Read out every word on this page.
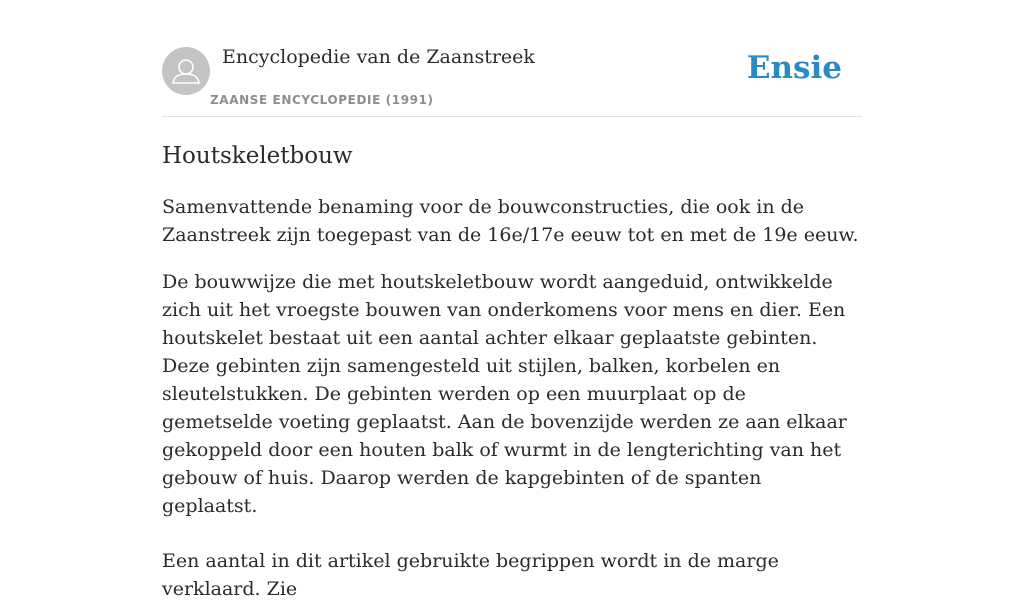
Encyclopedie van de Zaanstreek
ZAANSE ENCYCLOPEDIE (1991)
Ensie
Houtskeletbouw

Samenvattende benaming voor de bouwconstructies, die ook in de Zaanstreek zijn toegepast van de 16e/17e eeuw tot en met de 19e eeuw.

De bouwwijze die met houtskeletbouw wordt aangeduid, ontwikkelde zich uit het vroegste bouwen van onderkomens voor mens en dier. Een houtskelet bestaat uit een aantal achter elkaar geplaatste gebinten. Deze gebinten zijn samengesteld uit stijlen, balken, korbelen en sleutelstukken. De gebinten werden op een muurplaat op de gemetselde voeting geplaatst. Aan de bovenzijde werden ze aan elkaar gekoppeld door een houten balk of wurmt in de lengterichting van het gebouw of huis. Daarop werden de kapgebinten of de spanten geplaatst.

Een aantal in dit artikel gebruikte begrippen wordt in de marge verklaard. Zie
